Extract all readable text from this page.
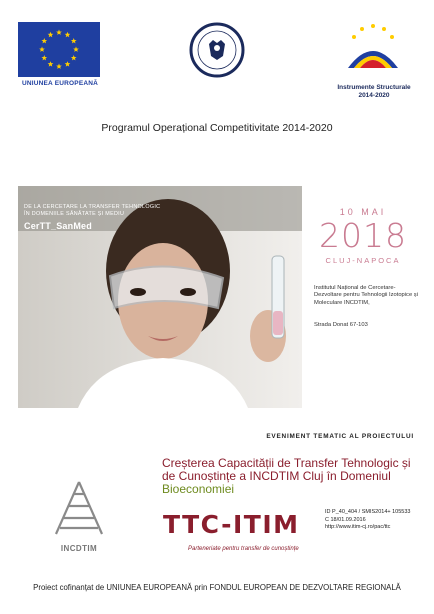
UNIUNEA EUROPEANĂ
Instrumente Structurale
2014-2020
Programul Operațional Competitivitate 2014-2020
DE LA CERCETARE LA TRANSFER TEHNOLOGIC
ÎN DOMENIILE SĂNĂTATE ȘI MEDIU
CerTT_SanMed
10 MAI
2018
CLUJ-NAPOCA
Institutul Național de Cercetare-Dezvoltare pentru Tehnologii Izotopice și Moleculare INCDTIM,
Strada Donat 67-103
EVENIMENT TEMATIC AL PROIECTULUI
Creșterea Capacității de Transfer Tehnologic și de Cunoștințe a INCDTIM Cluj în Domeniul Bioeconomiei
TTC-ITIM
Parteneriate pentru transfer de cunoștințe
ID P_40_404 / SMIS2014+ 105533
C 18/01.09.2016
http://www.itim-cj.ro/pac/ttc
INCDTIM
Proiect cofinanțat de UNIUNEA EUROPEANĂ prin FONDUL EUROPEAN DE DEZVOLTARE REGIONALĂ
